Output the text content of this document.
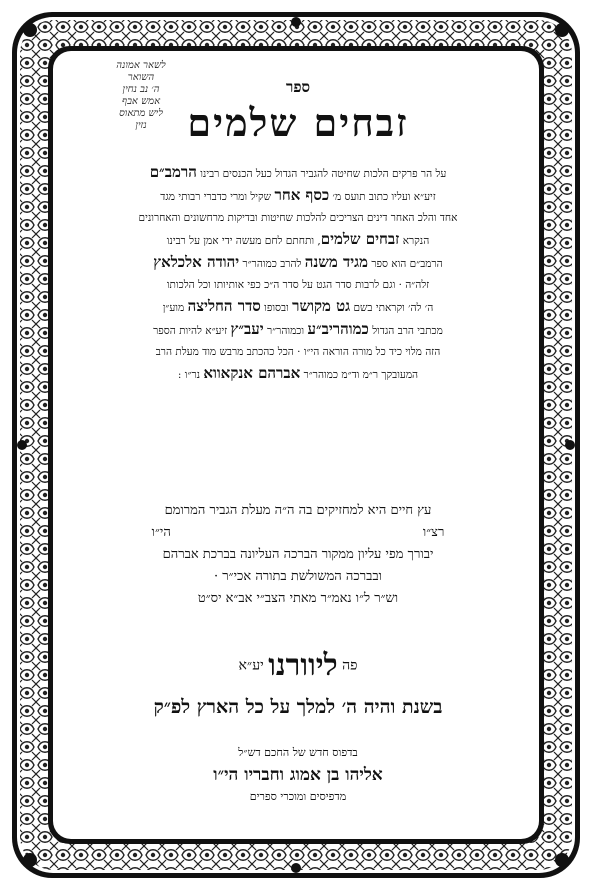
לשאר אמונה
השואר
ה׳ נב נחין
אמש אבף
ליש מתאוס
נזין
ספר
זבחים שלמים
על הר פרקים הלכות שחיטה להגביר הגדול כעל הכנסים רבינו הרמב״ם
זיע״א ועליו כתוב תועס מ׳ כסף אחר שקיל ומרי כדברי רבותי מגד
אחד והלכ האחר דינים הצריכים להלכות שחיטות ובדיקות מרחשונים והאחרונים
הנקרא זבחים שלמים, ותחתם לחם מעשה ידי אמן על רבינו
הרמב״ם הוא ספר מגיד משנה להרב כמוהר״ר יהודה אלכלאץ
זלה״ה · וגם לרבות סדר הגט על סדר ה״כ כפי אותיותו וכל הלכותו
ה׳ לה׳ וקראתי בשם גט מקושר ובסופו סדר החליצה מוע״ן
מכתבי הרב הגדול כמוהריב״ע וכמוהר״ר יעב״ץ זיע״א להיות הספר
הזה מלוי כיד כל מורה הוראה הי״ו · הכל כהכתב מרבש מוד מעלת הרב
המעובקך ר״מ וד״מ כמוהר״ר אברהם אנקאווא נר״ו :
עץ חיים היא למחזיקים בה ה״ה מעלת הגביר המרומם
רצ״ו                                                             הי״ו
יבורך מפי עליון ממקור הברכה העליונה בברכת אברהם
ובברכה המשולשת בתורה אכי״ר ·
וש״ר ל״ו נאמ״ר מאתי הצב״י אב״א יס״ט
פה ליוורנו יע״א
בשנת והיה ה׳ למלך על כל הארץ לפ״ק
בדפוס חדש של החכם דש״ל
אליהו בן אמוג וחבריו הי״ו
מדפיסים ומוכרי ספרים
